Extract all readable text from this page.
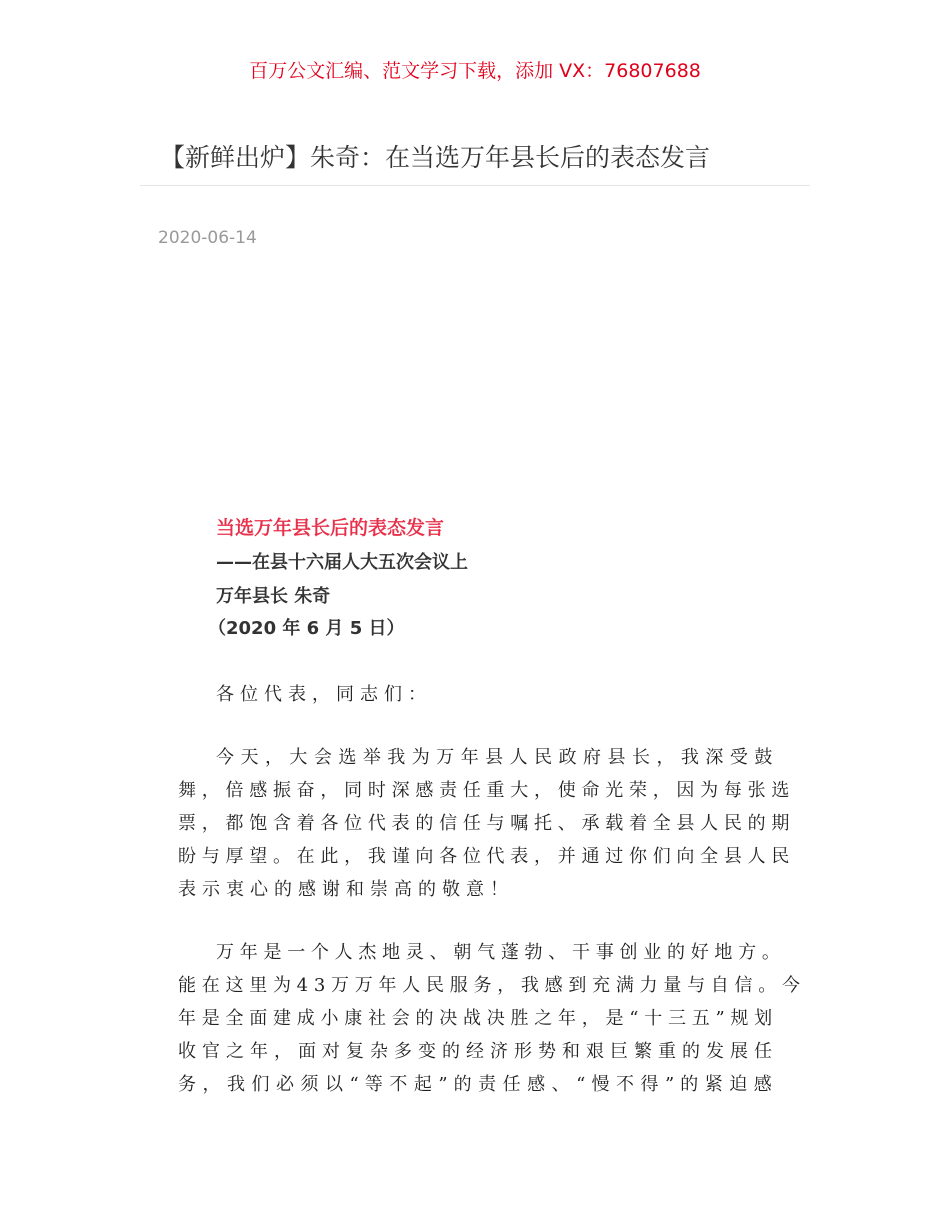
百万公文汇编、范文学习下载，添加 VX：76807688
【新鲜出炉】朱奇：在当选万年县长后的表态发言
2020-06-14
当选万年县长后的表态发言
——在县十六届人大五次会议上
万年县长 朱奇
（2020 年 6 月 5 日）
各位代表，同志们：
今 天 ， 大 会 选 举 我 为 万 年 县 人 民 政 府 县 长 ， 我 深 受 鼓
舞 ， 倍 感 振 奋 ， 同 时 深 感 责 任 重 大 ， 使 命 光 荣 ， 因 为 每 张 选
票 ， 都 饱 含 着 各 位 代 表 的 信 任 与 嘱 托 、 承 载 着 全 县 人 民 的 期
盼 与 厚 望 。 在 此 ， 我 谨 向 各 位 代 表 ， 并 通 过 你 们 向 全 县 人 民
表示衷心的感谢和崇高的敬意！
万 年 是 一 个 人 杰 地 灵 、 朝 气 蓬 勃 、 干 事 创 业 的 好 地 方 。
能 在 这 里 为 4 3 万 万 年 人 民 服 务 ， 我 感 到 充 满 力 量 与 自 信 。 今
年 是 全 面 建 成 小 康 社 会 的 决 战 决 胜 之 年 ， 是 “ 十 三 五 ” 规 划
收 官 之 年 ， 面 对 复 杂 多 变 的 经 济 形 势 和 艰 巨 繁 重 的 发 展 任
务 ， 我 们 必 须 以 “ 等 不 起 ” 的 责 任 感 、 “ 慢 不 得 ” 的 紧 迫 感
